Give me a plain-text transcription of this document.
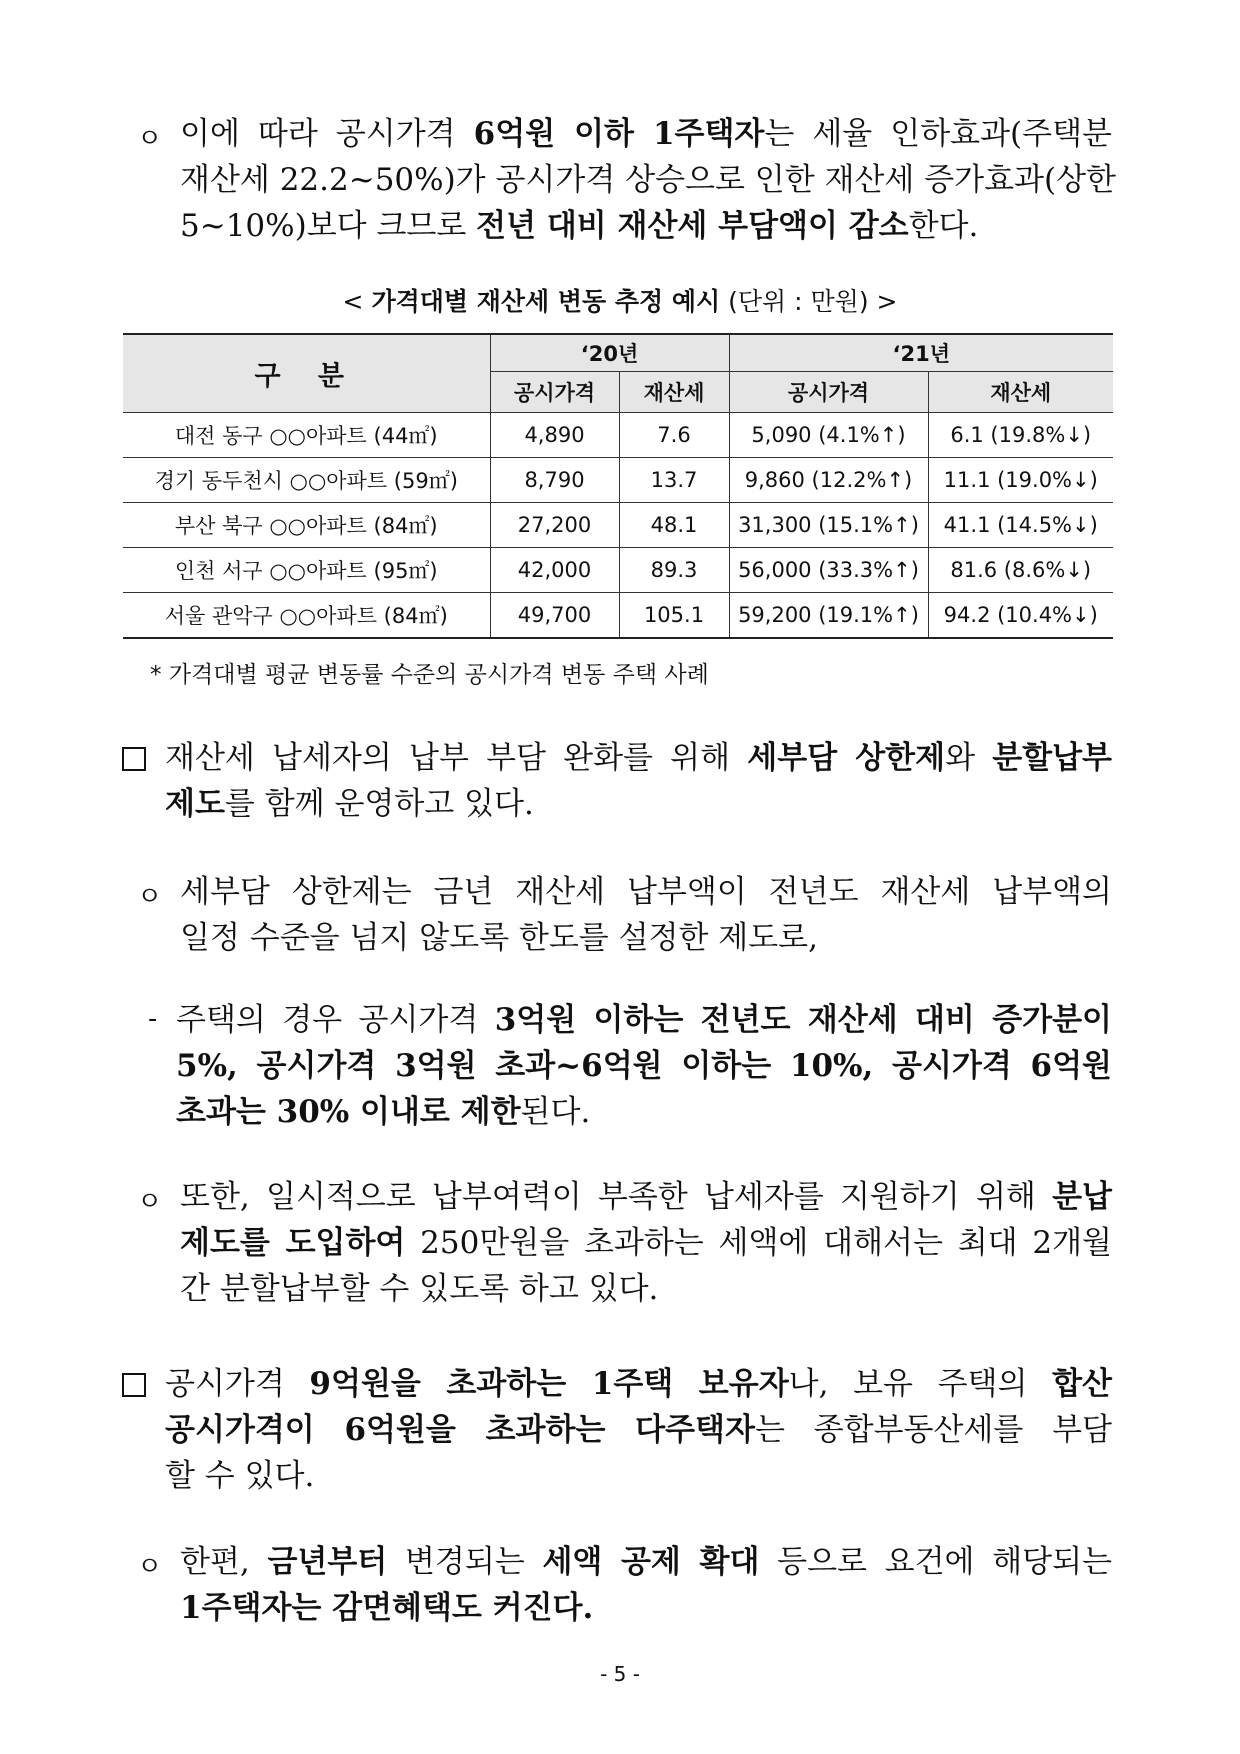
ㅇ 이에 따라 공시가격 6억원 이하 1주택자는 세율 인하효과(주택분

재산세 22.2~50%)가 공시가격 상승으로 인한 재산세 증가효과(상한

5~10%)보다 크므로 전년 대비 재산세 부담액이 감소한다.

< 가격대별 재산세 변동 추정 예시 (단위 : 만원) >
구 분	‘20년		‘21년	
	공시가격	재산세	공시가격	재산세
대전 동구 ○○아파트 (44㎡)	4,890	7.6	5,090 (4.1%↑)	6.1 (19.8%↓)
경기 동두천시 ○○아파트 (59㎡)	8,790	13.7	9,860 (12.2%↑)	11.1 (19.0%↓)
부산 북구 ○○아파트 (84㎡)	27,200	48.1	31,300 (15.1%↑)	41.1 (14.5%↓)
인천 서구 ○○아파트 (95㎡)	42,000	89.3	56,000 (33.3%↑)	81.6 (8.6%↓)
서울 관악구 ○○아파트 (84㎡)	49,700	105.1	59,200 (19.1%↑)	94.2 (10.4%↓)
* 가격대별 평균 변동률 수준의 공시가격 변동 주택 사례

재산세 납세자의 납부 부담 완화를 위해 세부담 상한제와 분할납부

제도를 함께 운영하고 있다.

ㅇ 세부담 상한제는 금년 재산세 납부액이 전년도 재산세 납부액의

일정 수준을 넘지 않도록 한도를 설정한 제도로,

- 주택의 경우 공시가격 3억원 이하는 전년도 재산세 대비 증가분이

5%, 공시가격 3억원 초과~6억원 이하는 10%, 공시가격 6억원

초과는 30% 이내로 제한된다.

ㅇ 또한, 일시적으로 납부여력이 부족한 납세자를 지원하기 위해 분납

제도를 도입하여 250만원을 초과하는 세액에 대해서는 최대 2개월

간 분할납부할 수 있도록 하고 있다.

공시가격 9억원을 초과하는 1주택 보유자나, 보유 주택의 합산

공시가격이 6억원을 초과하는 다주택자는 종합부동산세를 부담

할 수 있다.

ㅇ 한편, 금년부터 변경되는 세액 공제 확대 등으로 요건에 해당되는

1주택자는 감면혜택도 커진다.

- 5 -
